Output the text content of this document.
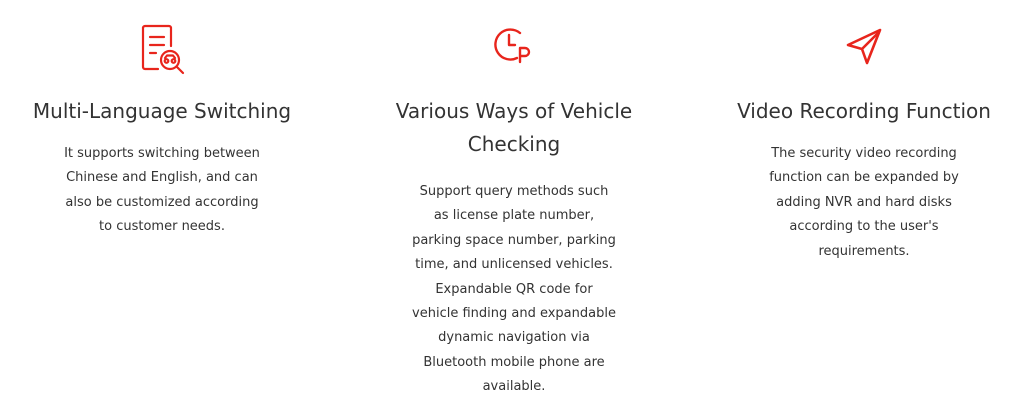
Multi-Language Switching
It supports switching between Chinese and English, and can also be customized according to customer needs.
Various Ways of Vehicle Checking
Support query methods such as license plate number, parking space number, parking time, and unlicensed vehicles. Expandable QR code for vehicle finding and expandable dynamic navigation via Bluetooth mobile phone are available.
Video Recording Function
The security video recording function can be expanded by adding NVR and hard disks according to the user's requirements.
